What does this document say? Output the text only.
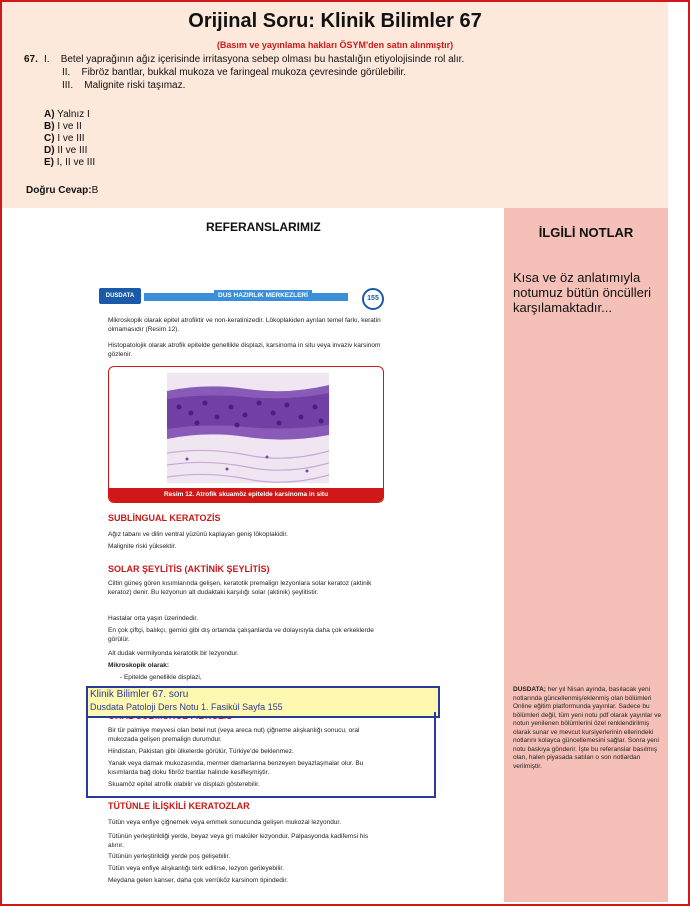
Orijinal Soru: Klinik Bilimler 67
(Basım ve yayınlama hakları ÖSYM'den satın alınmıştır)
67. I. Betel yaprağının ağız içerisinde irritasyona sebep olması bu hastalığın etiyolojisinde rol alır.
II. Fibröz bantlar, bukkal mukoza ve faringeal mukoza çevresinde görülebilir.
III. Malignite riski taşımaz.
A) Yalnız I
B) I ve II
C) I ve III
D) II ve III
E) I, II ve III
Doğru Cevap:B
REFERANSLARIMIZ
DUSDATA	DUS HAZIRLIK MERKEZLERİ	155
Mikroskopik olarak epitel atrofiktir ve non-keratinizedir. Lökoplakiden ayrılan temel farkı, keratin olmamasıdır (Resim 12).
Histopatolojik olarak atrofik epitelde genellikle displazi, karsinoma in situ veya invaziv karsinom gözlenir.
Resim 12. Atrofik skuamöz epitelde karsinoma in situ
SUBLİNGUAL KERATOZİS
Ağız tabanı ve dilin ventral yüzünü kaplayan geniş lökoplakidir.
Malignite riski yüksektir.
SOLAR ŞEYLİTİS (AKTİNİK ŞEYLİTİS)
Ciltin güneş gören kısımlarında gelişen, keratotik premalign lezyonlara solar keratoz (aktinik keratoz) denir. Bu lezyonun alt dudaktaki karşılığı solar (aktinik) şeylitistir.
Hastalar orta yaşın üzerindedir.
En çok çiftçi, balıkçı, gemici gibi dış ortamda çalışanlarda ve dolayısıyla daha çok erkeklerde görülür.
Alt dudak vermilyonda keratotik bir lezyondur.
Mikroskopik olarak:
- Epitelde genellikle displazi,
Bir tür palmiye meyvesi olan betel nut (veya areca nut) çiğneme alışkanlığı sonucu, oral mukozada gelişen premalign durumdur.
Hindistan, Pakistan gibi ülkelerde görülür, Türkiye'de beklenmez.
Yanak veya damak mukozasında, mermer damarlarına benzeyen beyazlaşmalar olur. Bu kısımlarda bağ doku fibröz bantlar halinde kesifleşmiştir.
Skuamöz epitel atrofik olabilir ve displazi gösterebilir.
TÜTÜNLE İLİŞKİLİ KERATOZLAR
Tütün veya enfiye çiğnemek veya emmek sonucunda gelişen mukozal lezyondur.
Tütünün yerleştirildiği yerde, beyaz veya gri maküler lezyondur. Palpasyonda kadifemsi his alınır.
Tütünün yerleştirildiği yerde poş gelişebilir.
Tütün veya enfiye alışkanlığı terk edilirse, lezyon gerileyebilir.
Meydana gelen kanser, daha çok verrüköz karsinom tipindedir.
Klinik Bilimler 67. soru
Dusdata Patoloji Ders Notu 1. Fasikül Sayfa 155
İLGİLİ NOTLAR
Kısa ve öz anlatımıyla notumuz bütün öncülleri karşılamaktadır...
DUSDATA; her yıl Nisan ayında, basılacak yeni notlarında güncellenmiş/eklenmiş olan bölümleri Online eğitim platformunda yayınlar. Sadece bu bölümleri değil, tüm yeni notu pdf olarak yayınlar ve notun yenilenen bölümlerini özel renklendirilmiş olarak sunar ve mevcut kursiyerlerinin ellerindeki notlarını kolayca güncellemesini sağlar. Sonra yeni notu baskıya gönderir. İşte bu referanslar basılmış olan, halen piyasada satılan o son notlardan verilmiştir.
